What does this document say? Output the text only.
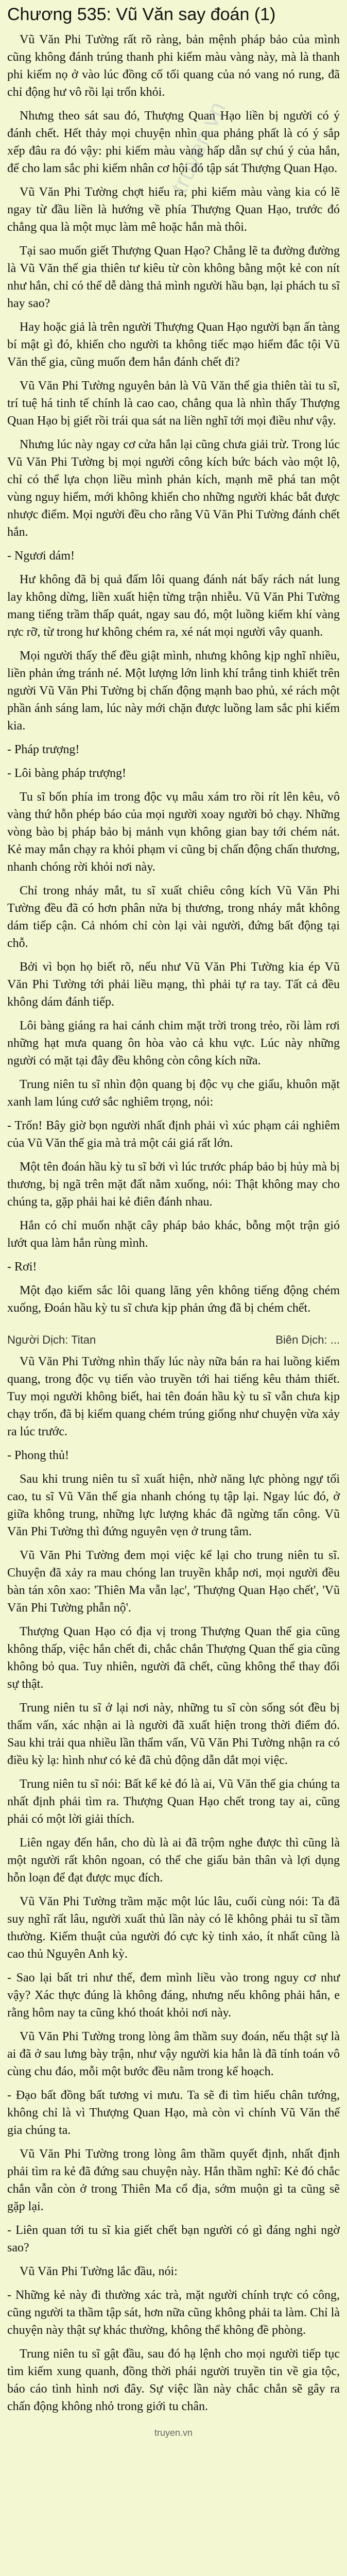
Chương 535: Vũ Văn say đoán (1)

Vũ Văn Phi Tường rất rõ ràng, bản mệnh pháp bảo của mình cũng không đánh trúng thanh phi kiếm màu vàng này, mà là thanh phi kiếm nọ ở vào lúc đồng cố tối quang của nó vang nó rung, đã chỉ động hư vô rồi lại trốn khỏi.

Nhưng theo sát sau đó, Thượng Quan Hạo liền bị người có ý đánh chết. Hết thảy mọi chuyện nhìn qua phảng phất là có ý sắp xếp đâu ra đó vậy: phi kiếm màu vàng hấp dẫn sự chú ý của hắn, để cho lam sắc phi kiếm nhân cơ hội đó tập sát Thượng Quan Hạo.

Vũ Văn Phi Tường chợt hiểu ra, phi kiếm màu vàng kia có lẽ ngay từ đầu liền là hướng về phía Thượng Quan Hạo, trước đó chẳng qua là một mục làm mê hoặc hắn mà thôi.

Tại sao muốn giết Thượng Quan Hạo? Chẳng lẽ ta đường đường là Vũ Văn thế gia thiên tư kiêu từ còn không bằng một kẻ con nít như hắn, chỉ có thể dễ dàng thả mình người hầu bạn, lại phách tu sĩ hay sao?

Hay hoặc giả là trên người Thượng Quan Hạo người bạn ấn tàng bí mật gì đó, khiến cho người ta không tiếc mạo hiểm đắc tội Vũ Văn thế gia, cũng muốn đem hắn đánh chết đi?

Vũ Văn Phi Tường nguyên bản là Vũ Văn thế gia thiên tài tu sĩ, trí tuệ há tinh tế chính là cao cao, chẳng qua là nhìn thấy Thượng Quan Hạo bị giết rồi trái qua sát na liền nghĩ tới mọi điều như vậy.

Nhưng lúc này ngay cơ cửa hắn lại cũng chưa giải trừ. Trong lúc Vũ Văn Phi Tường bị mọi người công kích bức bách vào một lộ, chỉ có thể lựa chọn liều mình phản kích, mạnh mẽ phá tan một vùng nguy hiểm, mới không khiến cho những người khác bắt được nhược điểm. Mọi người đều cho rằng Vũ Văn Phi Tường đánh chết hắn.

- Ngươi dám!

Hư không đã bị quả đấm lôi quang đánh nát bấy rách nát lung lay không dừng, liền xuất hiện từng trận nhiễu. Vũ Văn Phi Tường mang tiếng trầm thấp quát, ngay sau đó, một luồng kiếm khí vàng rực rỡ, từ trong hư không chém ra, xé nát mọi người vây quanh.

Mọi người thấy thế đều giật mình, nhưng không kịp nghĩ nhiều, liền phản ứng tránh né. Một lượng lớn linh khí trắng tinh khiết trên người Vũ Văn Phi Tường bị chấn động mạnh bao phủ, xé rách một phần ánh sáng lam, lúc này mới chặn được luồng lam sắc phi kiếm kia.

- Pháp trượng!

- Lôi bàng pháp trượng!

Tu sĩ bốn phía im trong độc vụ mâu xám tro rồi rít lên kêu, vô vàng thứ hỗn phép báo của mọi người xoay người bỏ chạy. Những vòng bào bị pháp bảo bị mảnh vụn không gian bay tới chém nát. Kẻ may mắn chạy ra khỏi phạm vi cũng bị chấn động chấn thương, nhanh chóng rời khỏi nơi này.

Chỉ trong nháy mắt, tu sĩ xuất chiêu công kích Vũ Văn Phi Tường đều đã có hơn phân nửa bị thương, trong nháy mắt không dám tiếp cận. Cả nhóm chỉ còn lại vài người, đứng bất động tại chỗ.

Bởi vì bọn họ biết rõ, nếu như Vũ Văn Phi Tường kia ép Vũ Văn Phi Tường tới phải liều mạng, thì phải tự ra tay. Tất cả đều không dám đánh tiếp.

Lôi bàng giáng ra hai cánh chim mặt trời trong trẻo, rồi làm rơi những hạt mưa quang ôn hòa vào cả khu vực. Lúc này những người có mặt tại đây đều không còn công kích nữa.

Trung niên tu sĩ nhìn độn quang bị độc vụ che giấu, khuôn mặt xanh lam lúng cướ sắc nghiêm trọng, nói:

- Trốn! Bây giờ bọn người nhất định phải vì xúc phạm cái nghiêm của Vũ Văn thế gia mà trả một cái giá rất lớn.

Một tên đoán hầu kỳ tu sĩ bởi vì lúc trước pháp bảo bị hủy mà bị thương, bị ngã trên mặt đất nằm xuống, nói: Thật không may cho chúng ta, gặp phải hai kẻ điên đánh nhau.

Hắn có chỉ muốn nhặt cây pháp bảo khác, bỗng một trận gió lướt qua làm hắn rùng mình.

- Rơi!

Một đạo kiếm sắc lôi quang lăng yên không tiếng động chém xuống, Đoán hầu kỳ tu sĩ chưa kịp phản ứng đã bị chém chết.

Người Dịch: Titan	Biên Dịch: ...

Vũ Văn Phi Tường nhìn thấy lúc này nữa bán ra hai luồng kiếm quang, trong độc vụ tiến vào truyền tới hai tiếng kêu thảm thiết. Tuy mọi người không biết, hai tên đoán hầu kỳ tu sĩ vẫn chưa kịp chạy trốn, đã bị kiếm quang chém trúng giống như chuyện vừa xảy ra lúc trước.

- Phong thủ!

Sau khi trung niên tu sĩ xuất hiện, nhờ năng lực phòng ngự tối cao, tu sĩ Vũ Văn thế gia nhanh chóng tụ tập lại. Ngay lúc đó, ở giữa không trung, những lực lượng khác đã ngừng tấn công. Vũ Văn Phi Tường thì đứng nguyên vẹn ở trung tâm.

Vũ Văn Phi Tường đem mọi việc kể lại cho trung niên tu sĩ. Chuyện đã xảy ra mau chóng lan truyền khắp nơi, mọi người đều bàn tán xôn xao: 'Thiên Ma vẫn lạc', 'Thượng Quan Hạo chết', 'Vũ Văn Phi Tường phẫn nộ'.

Thượng Quan Hạo có địa vị trong Thượng Quan thế gia cũng không thấp, việc hắn chết đi, chắc chắn Thượng Quan thế gia cũng không bỏ qua. Tuy nhiên, người đã chết, cũng không thể thay đổi sự thật.

Trung niên tu sĩ ở lại nơi này, những tu sĩ còn sống sót đều bị thẩm vấn, xác nhận ai là người đã xuất hiện trong thời điểm đó. Sau khi trải qua nhiều lần thẩm vấn, Vũ Văn Phi Tường nhận ra có điều kỳ lạ: hình như có kẻ đã chủ động dẫn dắt mọi việc.

Trung niên tu sĩ nói: Bất kể kẻ đó là ai, Vũ Văn thế gia chúng ta nhất định phải tìm ra. Thượng Quan Hạo chết trong tay ai, cũng phải có một lời giải thích.

Liên ngay đến hắn, cho dù là ai đã trộm nghe được thì cũng là một người rất khôn ngoan, có thể che giấu bản thân và lợi dụng hỗn loạn để đạt được mục đích.

Vũ Văn Phi Tường trầm mặc một lúc lâu, cuối cùng nói: Ta đã suy nghĩ rất lâu, người xuất thủ lần này có lẽ không phải tu sĩ tầm thường. Kiếm thuật của người đó cực kỳ tinh xảo, ít nhất cũng là cao thủ Nguyên Anh kỳ.

- Sao lại bất tri như thế, đem mình liều vào trong nguy cơ như vậy? Xác thực đúng là không đáng, nhưng nếu không phải hắn, e rằng hôm nay ta cũng khó thoát khỏi nơi này.

Vũ Văn Phi Tường trong lòng âm thầm suy đoán, nếu thật sự là ai đã ở sau lưng bày trận, như vậy người kia hẳn là đã tính toán vô cùng chu đáo, mỗi một bước đều nằm trong kế hoạch.

- Đạo bất đồng bất tương vi mưu. Ta sẽ đi tìm hiểu chân tướng, không chỉ là vì Thượng Quan Hạo, mà còn vì chính Vũ Văn thế gia chúng ta.

Vũ Văn Phi Tường trong lòng âm thầm quyết định, nhất định phải tìm ra kẻ đã đứng sau chuyện này. Hắn thầm nghĩ: Kẻ đó chắc chắn vẫn còn ở trong Thiên Ma cổ địa, sớm muộn gì ta cũng sẽ gặp lại.

- Liên quan tới tu sĩ kia giết chết bạn người có gì đáng nghi ngờ sao?

Vũ Văn Phi Tường lắc đầu, nói:

- Những kẻ này đi thường xác trà, mặt người chính trực có công, cũng người ta thầm tập sát, hơn nữa cũng không phải ta làm. Chỉ là chuyện này thật sự khác thường, không thể không đề phòng.

Trung niên tu sĩ gật đầu, sau đó hạ lệnh cho mọi người tiếp tục tìm kiếm xung quanh, đồng thời phái người truyền tin về gia tộc, báo cáo tình hình nơi đây. Sự việc lần này chắc chắn sẽ gây ra chấn động không nhỏ trong giới tu chân.

truyen.vn
truyen.vn
